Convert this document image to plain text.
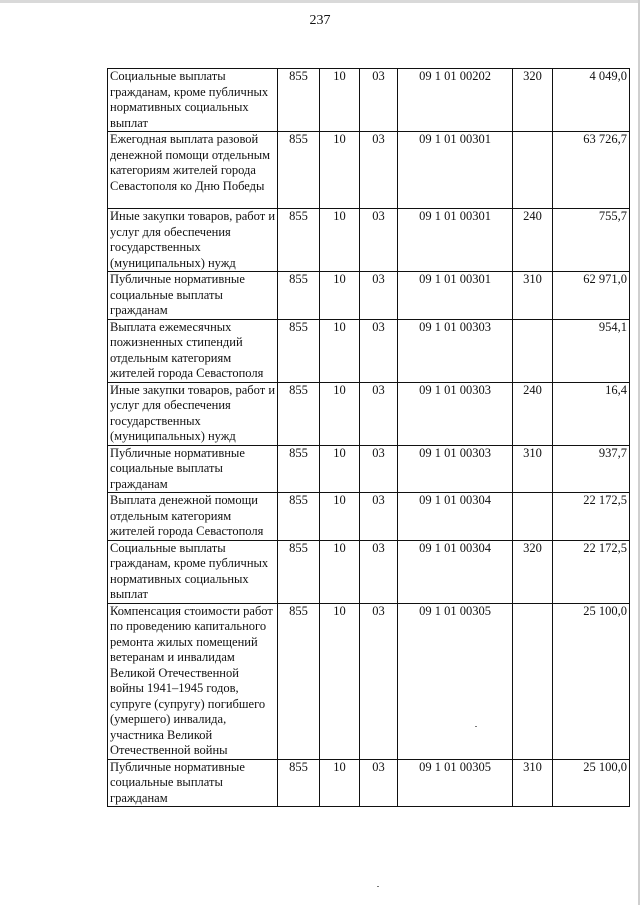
237
Социальные выплаты гражданам, кроме публичных нормативных социальных выплат	855	10	03	09 1 01 00202	320	4 049,0
Ежегодная выплата разовой денежной помощи отдельным категориям жителей города Севастополя ко Дню Победы	855	10	03	09 1 01 00301		63 726,7
Иные закупки товаров, работ и услуг для обеспечения государственных (муниципальных) нужд	855	10	03	09 1 01 00301	240	755,7
Публичные нормативные социальные выплаты гражданам	855	10	03	09 1 01 00301	310	62 971,0
Выплата ежемесячных пожизненных стипендий отдельным категориям жителей города Севастополя	855	10	03	09 1 01 00303		954,1
Иные закупки товаров, работ и услуг для обеспечения государственных (муниципальных) нужд	855	10	03	09 1 01 00303	240	16,4
Публичные нормативные социальные выплаты гражданам	855	10	03	09 1 01 00303	310	937,7
Выплата денежной помощи отдельным категориям жителей города Севастополя	855	10	03	09 1 01 00304		22 172,5
Социальные выплаты гражданам, кроме публичных нормативных социальных выплат	855	10	03	09 1 01 00304	320	22 172,5
Компенсация стоимости работ по проведению капитального ремонта жилых помещений ветеранам и инвалидам Великой Отечественной войны 1941–1945 годов, супруге (супругу) погибшего (умершего) инвалида, участника Великой Отечественной войны	855	10	03	09 1 01 00305		25 100,0
Публичные нормативные социальные выплаты гражданам	855	10	03	09 1 01 00305	310	25 100,0
